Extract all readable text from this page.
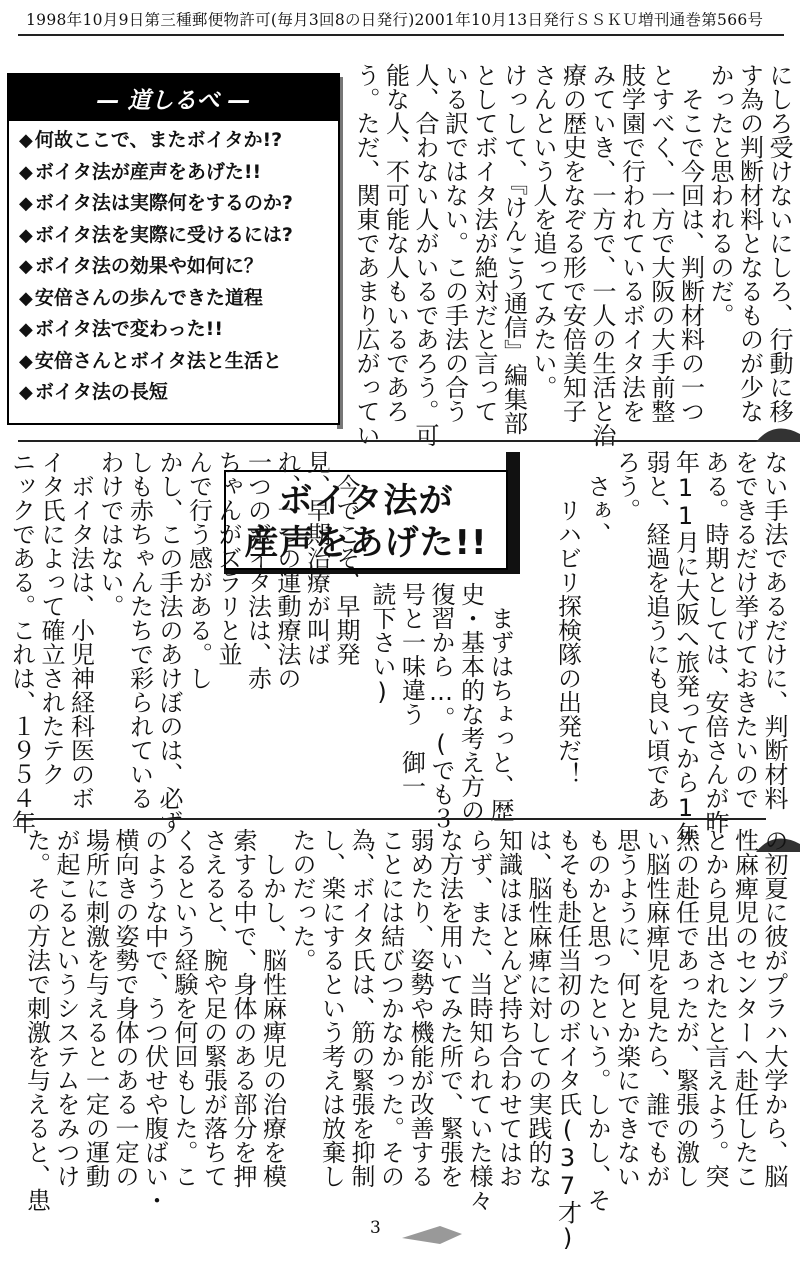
1998年10月9日第三種郵便物許可(毎月3回8の日発行)2001年10月13日発行ＳＳＫＵ増刊通巻第566号
— 道しるべ —
◆ 何故ここで、またボイタか!?
◆ ボイタ法が産声をあげた!!
◆ ボイタ法は実際何をするのか?
◆ ボイタ法を実際に受けるには?
◆ ボイタ法の効果や如何に？
◆ 安倍さんの歩んできた道程
◆ ボイタ法で変わった!!
◆ 安倍さんとボイタ法と生活と
◆ ボイタ法の長短	にしろ受けないにしろ、行動に移
す為の判断材料となるものが少な
かったと思われるのだ。
　そこで今回は、判断材料の一つ
とすべく、一方で大阪の大手前整
肢学園で行われているボイタ法を
みていき、一方で、一人の生活と治
療の歴史をなぞる形で安倍美知子
さんという人を追ってみたい。
けっして、『けんこう通信』編集部
としてボイタ法が絶対だと言って
いる訳ではない。この手法の合う
人、合わない人がいるであろう。可
能な人、不可能な人もいるであろ
う。ただ、関東であまり広がってい
ない手法であるだけに、判断材料
をできるだけ挙げておきたいので
ある。時期としては、安倍さんが昨
年11月に大阪へ旅発ってから1年
弱と、経過を追うにも良い頃であ
ろう。
　さぁ、
　　リハビリ探検隊の出発だ！
ボイタ法が
産声をあげた!!
　まずはちょっと、歴
史・基本的な考え方の
復習から…。(でも３
号と一味違う　御一
読下さい)
　今でこそ、早期発
見、早期治療が叫ば
れ、一つの運動療法の
一つのボイタ法は、赤
ちゃんがズラリと並
んで行う感がある。し
かし、この手法のあけぼのは、必ず
しも赤ちゃんたちで彩られている
わけではない。
　ボイタ法は、小児神経科医のボ
イタ氏によって確立されたテク
ニックである。これは、１９５４年
の初夏に彼がプラハ大学から、脳
性麻痺児のセンターへ赴任したこ
とから見出されたと言えよう。突
然の赴任であったが、緊張の激し
い脳性麻痺児を見たら、誰でもが
思うように、何とか楽にできない
ものかと思ったという。しかし、そ
もそも赴任当初のボイタ氏(37才)
は、脳性麻痺に対しての実践的な
知識はほとんど持ち合わせてはお
らず、また、当時知られていた様々
な方法を用いてみた所で、緊張を
弱めたり、姿勢や機能が改善する
ことには結びつかなかった。その
為、ボイタ氏は、筋の緊張を抑制
し、楽にするという考えは放棄し
たのだった。
　しかし、脳性麻痺児の治療を模
索する中で、身体のある部分を押
さえると、腕や足の緊張が落ちて
くるという経験を何回もした。こ
のような中で、うつ伏せや腹ばい・
横向きの姿勢で身体のある一定の
場所に刺激を与えると一定の運動
が起こるというシステムをみつけ
た。その方法で刺激を与えると、患
3
